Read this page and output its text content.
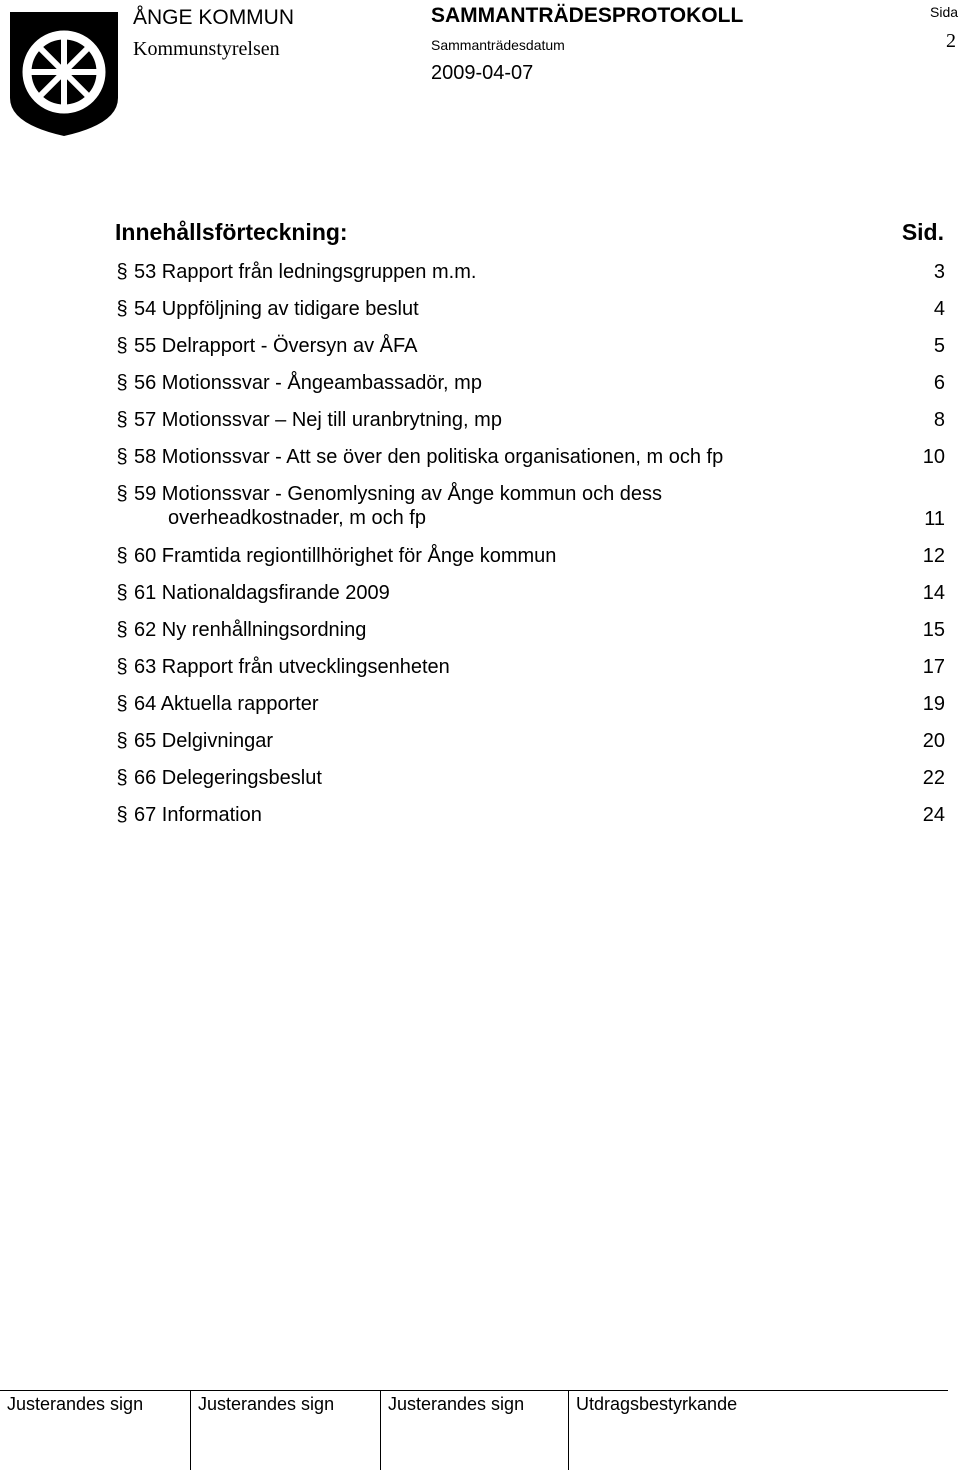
ÅNGE KOMMUN
Kommunstyrelsen
SAMMANTRÄDESPROTOKOLL
Sammanträdesdatum
2009-04-07
Sida
2
Innehållsförteckning:	Sid.
§ 53 Rapport från ledningsgruppen m.m.	3
§ 54 Uppföljning av tidigare beslut	4
§ 55 Delrapport - Översyn av ÅFA	5
§ 56 Motionssvar - Ångeambassadör, mp	6
§ 57 Motionssvar – Nej till uranbrytning, mp	8
§ 58 Motionssvar - Att se över den politiska organisationen, m och fp	10
§ 59 Motionssvar - Genomlysning av Ånge kommun och dess
overheadkostnader, m och fp	11
§ 60 Framtida regiontillhörighet för Ånge kommun	12
§ 61 Nationaldagsfirande 2009	14
§ 62 Ny renhållningsordning	15
§ 63 Rapport från utvecklingsenheten	17
§ 64 Aktuella rapporter	19
§ 65 Delgivningar	20
§ 66 Delegeringsbeslut	22
§ 67 Information	24
Justerandes sign	Justerandes sign	Justerandes sign	Utdragsbestyrkande
